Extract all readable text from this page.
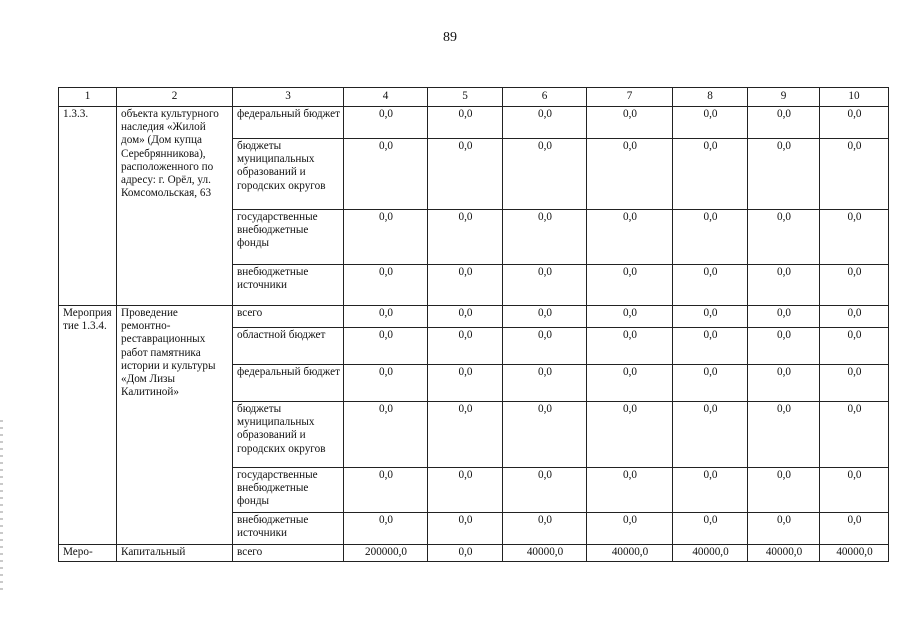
89
1	2	3	4	5	6	7	8	9	10
1.3.3.	объекта культурного наследия «Жилой дом» (Дом купца Серебрянникова), расположенного по адресу: г. Орёл, ул. Комсомольская, 63	федеральный бюджет	0,0	0,0	0,0	0,0	0,0	0,0	0,0
		бюджеты муниципальных образований и городских округов	0,0	0,0	0,0	0,0	0,0	0,0	0,0
		государственные внебюджетные фонды	0,0	0,0	0,0	0,0	0,0	0,0	0,0
		внебюджетные источники	0,0	0,0	0,0	0,0	0,0	0,0	0,0
Мероприятие 1.3.4.	Проведение ремонтно-реставрационных работ памятника истории и культуры «Дом Лизы Калитиной»	всего	0,0	0,0	0,0	0,0	0,0	0,0	0,0
		областной бюджет	0,0	0,0	0,0	0,0	0,0	0,0	0,0
		федеральный бюджет	0,0	0,0	0,0	0,0	0,0	0,0	0,0
		бюджеты муниципальных образований и городских округов	0,0	0,0	0,0	0,0	0,0	0,0	0,0
		государственные внебюджетные фонды	0,0	0,0	0,0	0,0	0,0	0,0	0,0
		внебюджетные источники	0,0	0,0	0,0	0,0	0,0	0,0	0,0
Меро-	Капитальный	всего	200000,0	0,0	40000,0	40000,0	40000,0	40000,0	40000,0
